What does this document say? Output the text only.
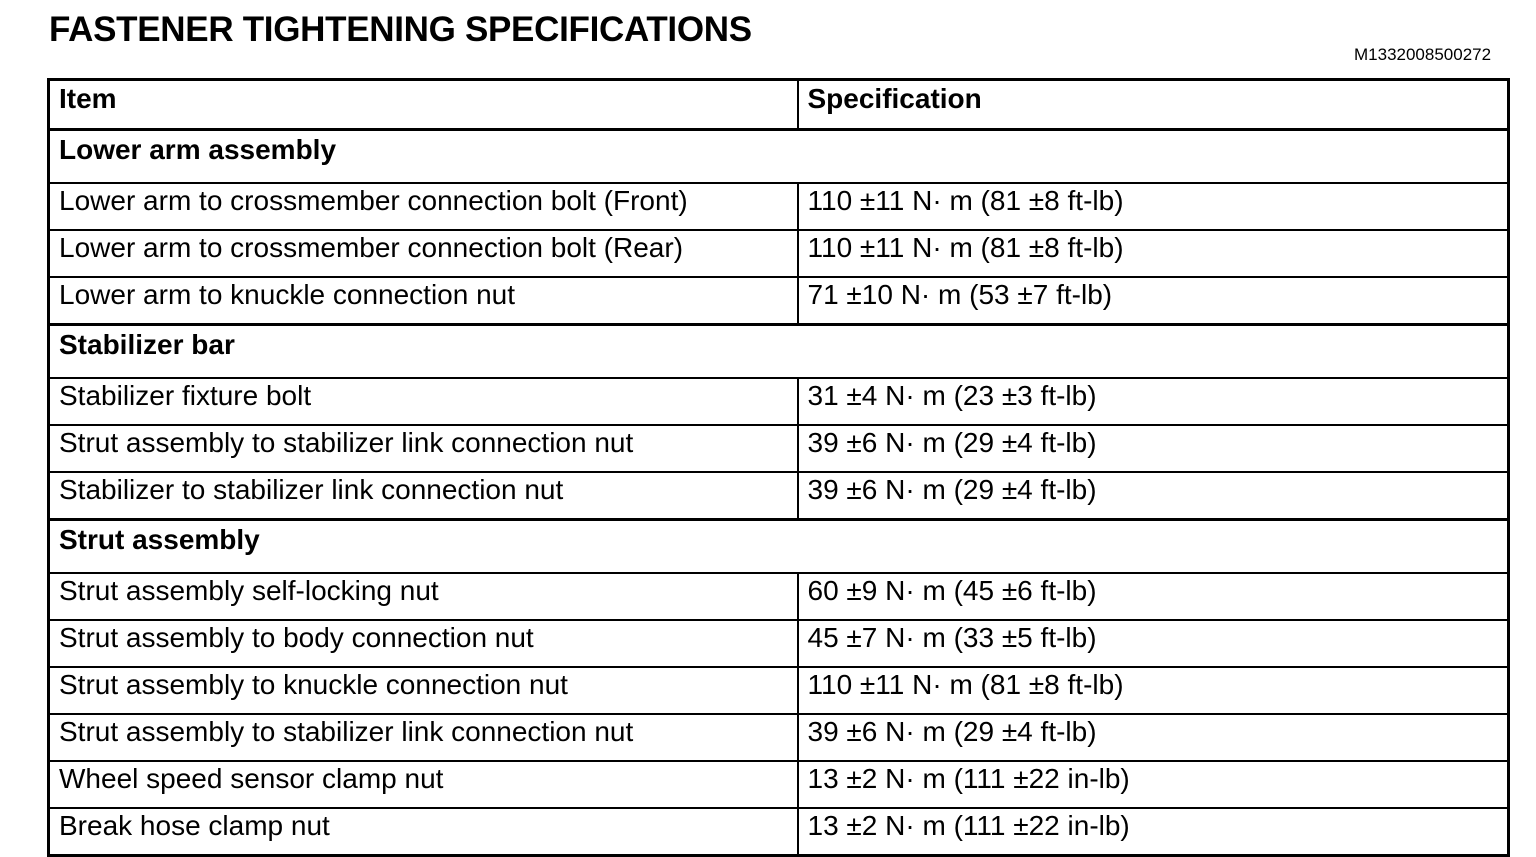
FASTENER TIGHTENING SPECIFICATIONS
M1332008500272
Item	Specification
Lower arm assembly	
Lower arm to crossmember connection bolt (Front)	110 ±11 N· m (81 ±8 ft-lb)
Lower arm to crossmember connection bolt (Rear)	110 ±11 N· m (81 ±8 ft-lb)
Lower arm to knuckle connection nut	71 ±10 N· m (53 ±7 ft-lb)
Stabilizer bar	
Stabilizer fixture bolt	31 ±4 N· m (23 ±3 ft-lb)
Strut assembly to stabilizer link connection nut	39 ±6 N· m (29 ±4 ft-lb)
Stabilizer to stabilizer link connection nut	39 ±6 N· m (29 ±4 ft-lb)
Strut assembly	
Strut assembly self-locking nut	60 ±9 N· m (45 ±6 ft-lb)
Strut assembly to body connection nut	45 ±7 N· m (33 ±5 ft-lb)
Strut assembly to knuckle connection nut	110 ±11 N· m (81 ±8 ft-lb)
Strut assembly to stabilizer link connection nut	39 ±6 N· m (29 ±4 ft-lb)
Wheel speed sensor clamp nut	13 ±2 N· m (111 ±22 in-lb)
Break hose clamp nut	13 ±2 N· m (111 ±22 in-lb)
